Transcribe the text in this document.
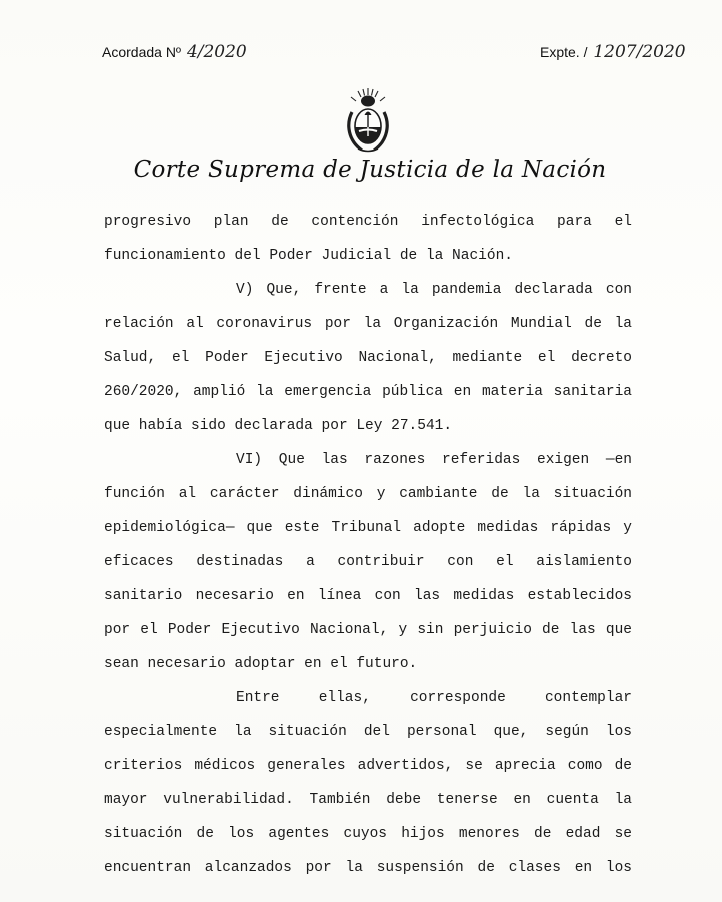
Acordada Nº 4/2020	Expte. / 1207/2020
Corte Suprema de Justicia de la Nación
progresivo plan de contención infectológica para el
funcionamiento del Poder Judicial de la Nación.
V) Que, frente a la pandemia declarada con
relación al coronavirus por la Organización Mundial de la
Salud, el Poder Ejecutivo Nacional, mediante el decreto
260/2020, amplió la emergencia pública en materia sanitaria
que había sido declarada por Ley 27.541.
VI) Que las razones referidas exigen —en
función al carácter dinámico y cambiante de la situación
epidemiológica— que este Tribunal adopte medidas rápidas y
eficaces destinadas a contribuir con el aislamiento
sanitario necesario en línea con las medidas establecidos
por el Poder Ejecutivo Nacional, y sin perjuicio de las que
sean necesario adoptar en el futuro.
Entre ellas, corresponde contemplar
especialmente la situación del personal que, según los
criterios médicos generales advertidos, se aprecia como de
mayor vulnerabilidad. También debe tenerse en cuenta la
situación de los agentes cuyos hijos menores de edad se
encuentran alcanzados por la suspensión de clases en los
